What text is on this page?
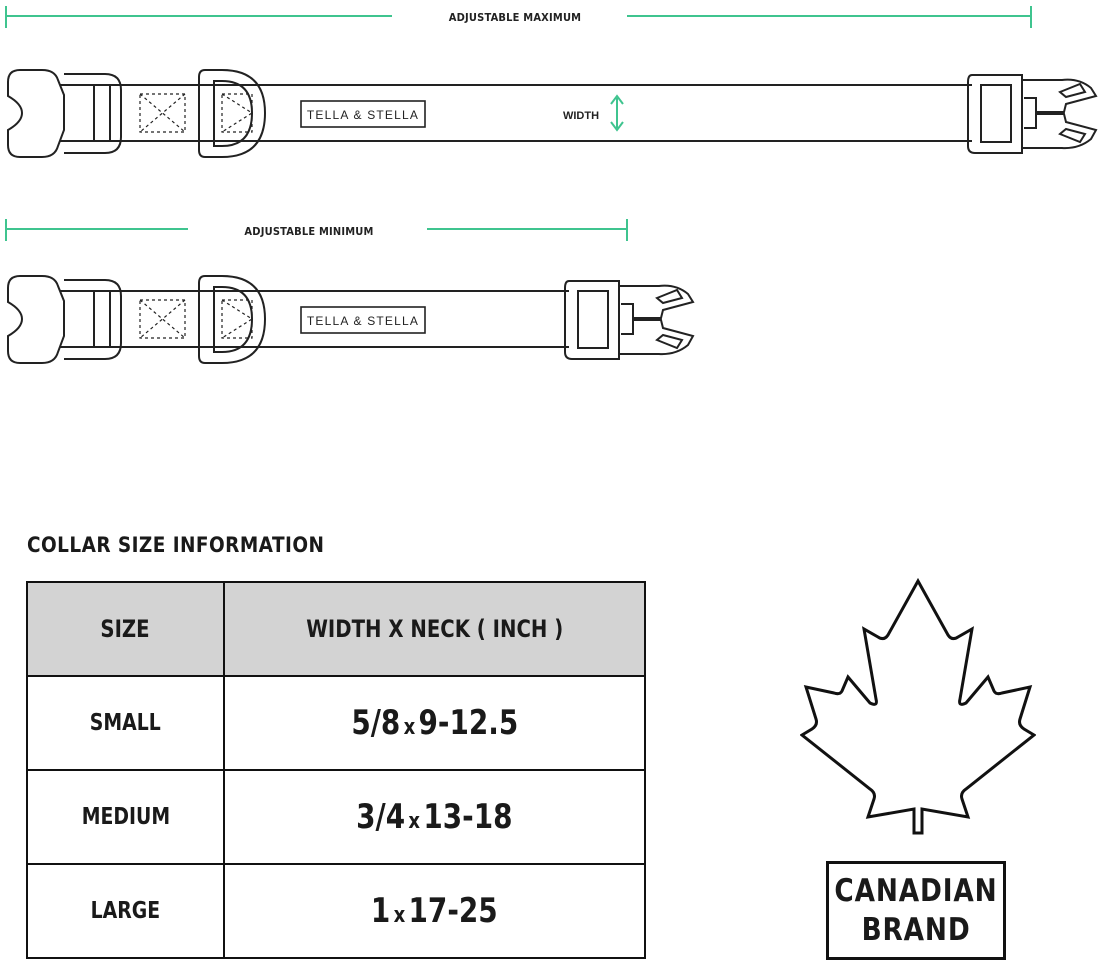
ADJUSTABLE MAXIMUM
TELLA & STELLA	WIDTH
ADJUSTABLE MINIMUM
TELLA & STELLA
COLLAR SIZE INFORMATION
SIZE	WIDTH X NECK ( INCH )
SMALL	5/8 x9-12.5
MEDIUM	3/4 x13-18
LARGE	1 x17-25
CANADIAN
BRAND
